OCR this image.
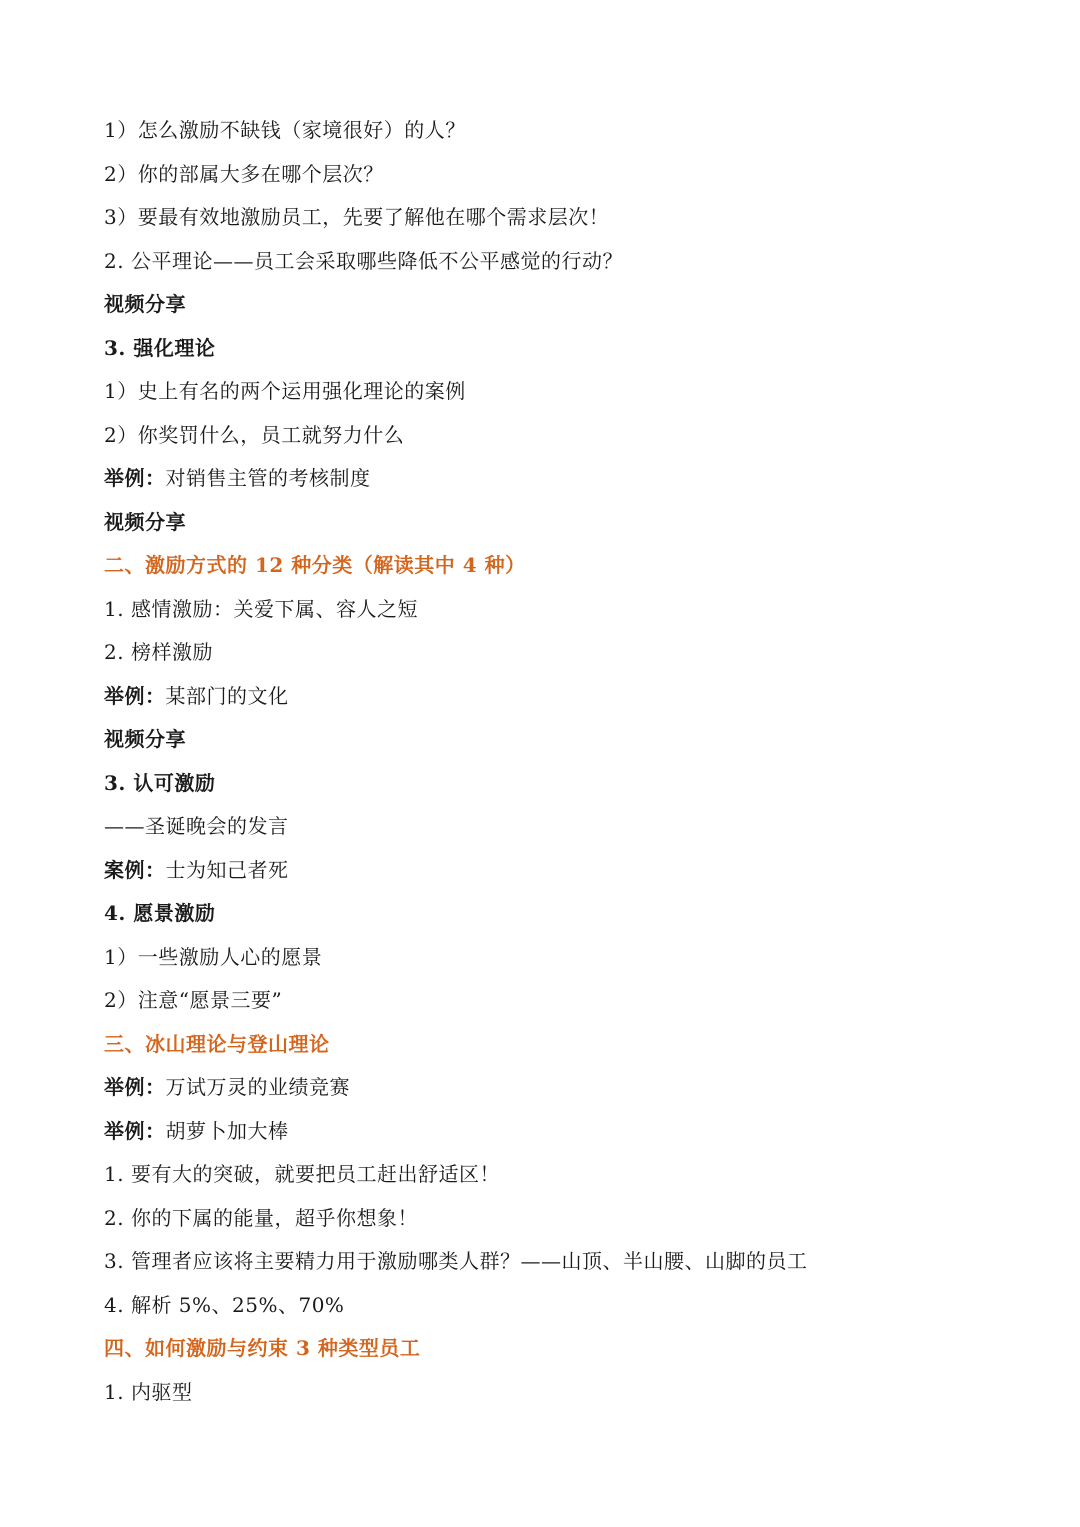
1）怎么激励不缺钱（家境很好）的人？
2）你的部属大多在哪个层次？
3）要最有效地激励员工，先要了解他在哪个需求层次！
2. 公平理论——员工会采取哪些降低不公平感觉的行动？
视频分享
3. 强化理论
1）史上有名的两个运用强化理论的案例
2）你奖罚什么，员工就努力什么
举例：对销售主管的考核制度
视频分享
二、激励方式的 12 种分类（解读其中 4 种）
1. 感情激励：关爱下属、容人之短
2. 榜样激励
举例：某部门的文化
视频分享
3. 认可激励
——圣诞晚会的发言
案例：士为知己者死
4. 愿景激励
1）一些激励人心的愿景
2）注意“愿景三要”
三、冰山理论与登山理论
举例：万试万灵的业绩竞赛
举例：胡萝卜加大棒
1. 要有大的突破，就要把员工赶出舒适区！
2. 你的下属的能量，超乎你想象！
3. 管理者应该将主要精力用于激励哪类人群？——山顶、半山腰、山脚的员工
4. 解析 5%、25%、70%
四、如何激励与约束 3 种类型员工
1. 内驱型
